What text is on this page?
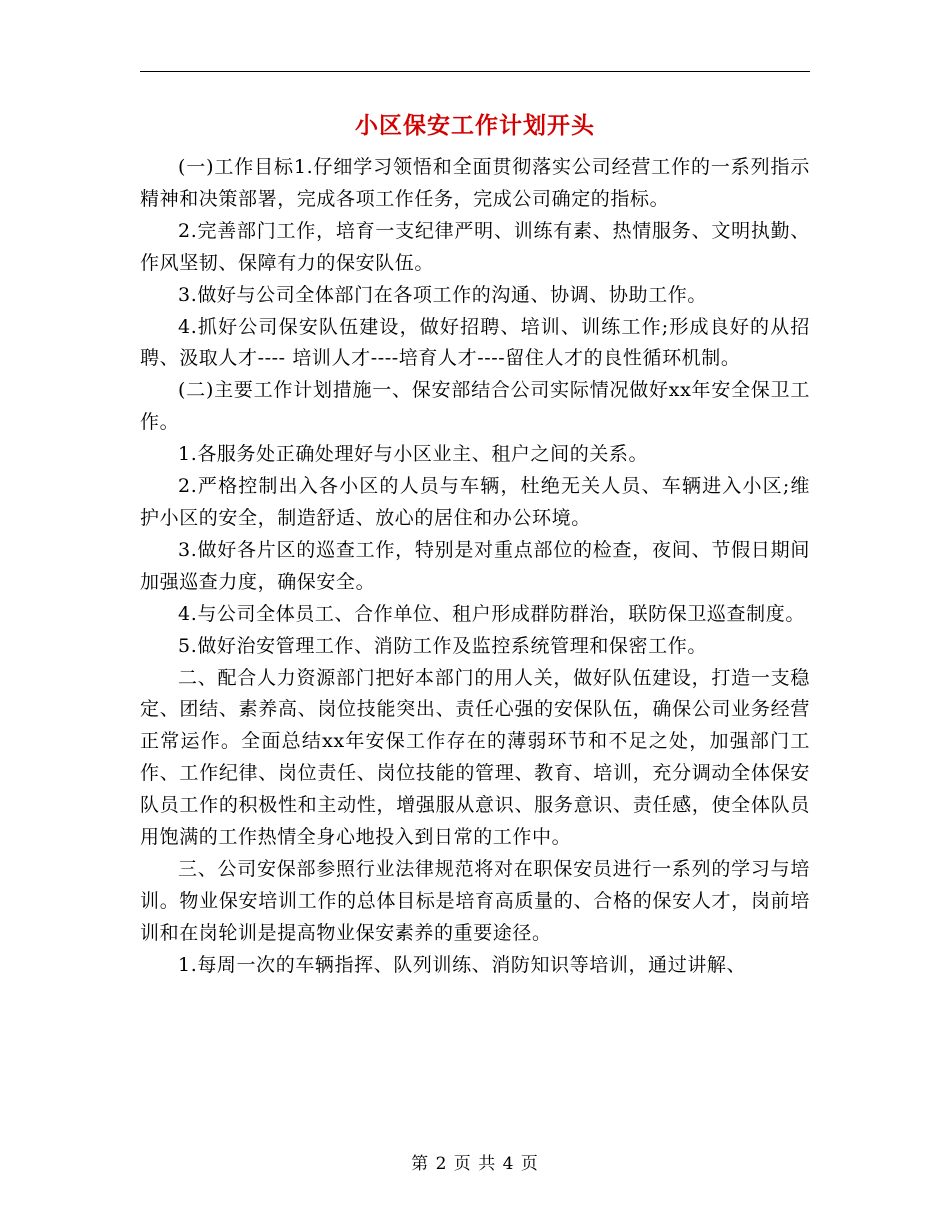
小区保安工作计划开头

(一)工作目标1.仔细学习领悟和全面贯彻落实公司经营工作的一系列指示精神和决策部署，完成各项工作任务，完成公司确定的指标。

2.完善部门工作，培育一支纪律严明、训练有素、热情服务、文明执勤、作风坚韧、保障有力的保安队伍。

3.做好与公司全体部门在各项工作的沟通、协调、协助工作。

4.抓好公司保安队伍建设，做好招聘、培训、训练工作;形成良好的从招聘、汲取人才---- 培训人才----培育人才----留住人才的良性循环机制。

(二)主要工作计划措施一、保安部结合公司实际情况做好xx年安全保卫工作。

1.各服务处正确处理好与小区业主、租户之间的关系。

2.严格控制出入各小区的人员与车辆，杜绝无关人员、车辆进入小区;维护小区的安全，制造舒适、放心的居住和办公环境。

3.做好各片区的巡查工作，特别是对重点部位的检查，夜间、节假日期间加强巡查力度，确保安全。

4.与公司全体员工、合作单位、租户形成群防群治，联防保卫巡查制度。

5.做好治安管理工作、消防工作及监控系统管理和保密工作。

二、配合人力资源部门把好本部门的用人关，做好队伍建设，打造一支稳定、团结、素养高、岗位技能突出、责任心强的安保队伍，确保公司业务经营正常运作。全面总结xx年安保工作存在的薄弱环节和不足之处，加强部门工作、工作纪律、岗位责任、岗位技能的管理、教育、培训，充分调动全体保安队员工作的积极性和主动性，增强服从意识、服务意识、责任感，使全体队员用饱满的工作热情全身心地投入到日常的工作中。

三、公司安保部参照行业法律规范将对在职保安员进行一系列的学习与培训。物业保安培训工作的总体目标是培育高质量的、合格的保安人才，岗前培训和在岗轮训是提高物业保安素养的重要途径。

1.每周一次的车辆指挥、队列训练、消防知识等培训，通过讲解、

第 2 页 共 4 页
